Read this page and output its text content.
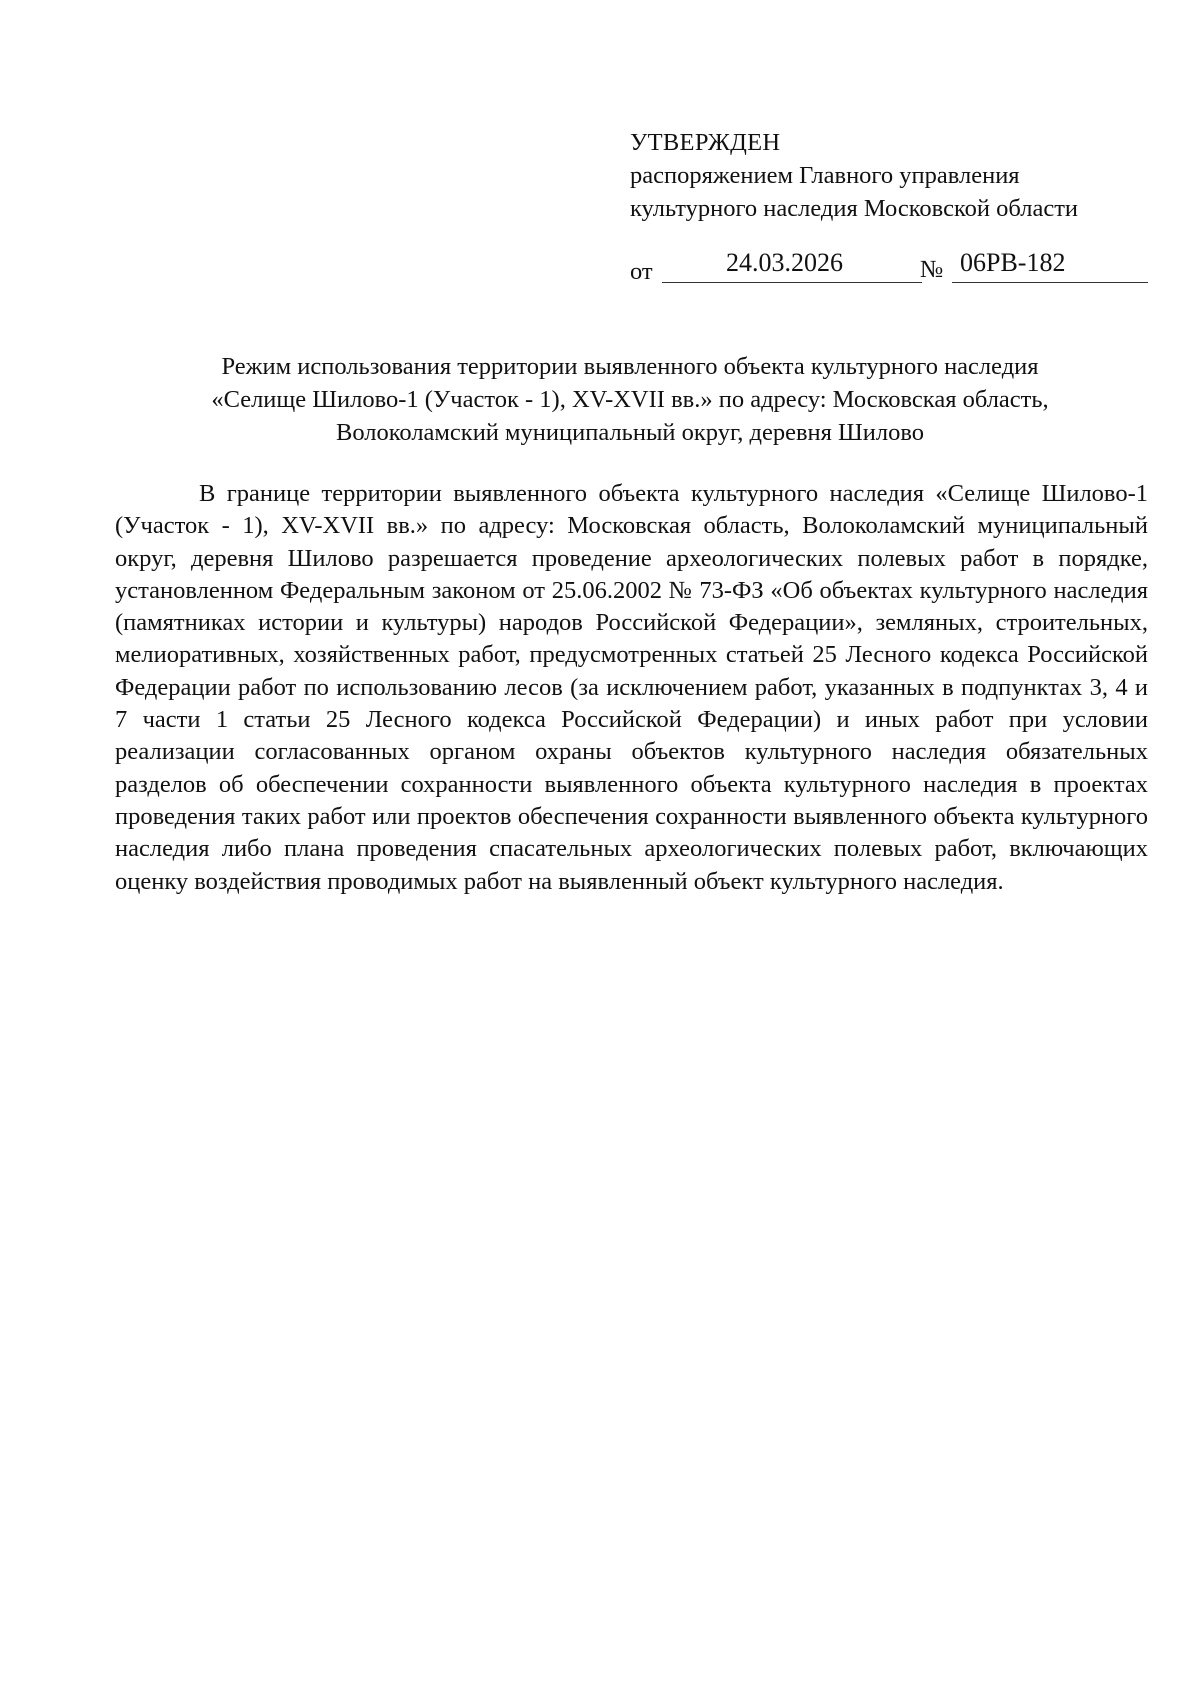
УТВЕРЖДЕН
распоряжением Главного управления
культурного наследия Московской области
от	24.03.2026	№ 06РВ-182
Режим использования территории выявленного объекта культурного наследия
«Селище Шилово-1 (Участок - 1), XV-XVII вв.» по адресу: Московская область,
Волоколамский муниципальный округ, деревня Шилово

В границе территории выявленного объекта культурного наследия «Селище Шилово-1 (Участок - 1), XV-XVII вв.» по адресу: Московская область, Волоколамский муниципальный округ, деревня Шилово разрешается проведение археологических полевых работ в порядке, установленном Федеральным законом от 25.06.2002 № 73-ФЗ «Об объектах культурного наследия (памятниках истории и культуры) народов Российской Федерации», земляных, строительных, мелиоративных, хозяйственных работ, предусмотренных статьей 25 Лесного кодекса Российской Федерации работ по использованию лесов (за исключением работ, указанных в подпунктах 3, 4 и 7 части 1 статьи 25 Лесного кодекса Российской Федерации) и иных работ при условии реализации согласованных органом охраны объектов культурного наследия обязательных разделов об обеспечении сохранности выявленного объекта культурного наследия в проектах проведения таких работ или проектов обеспечения сохранности выявленного объекта культурного наследия либо плана проведения спасательных археологических полевых работ, включающих оценку воздействия проводимых работ на выявленный объект культурного наследия.
